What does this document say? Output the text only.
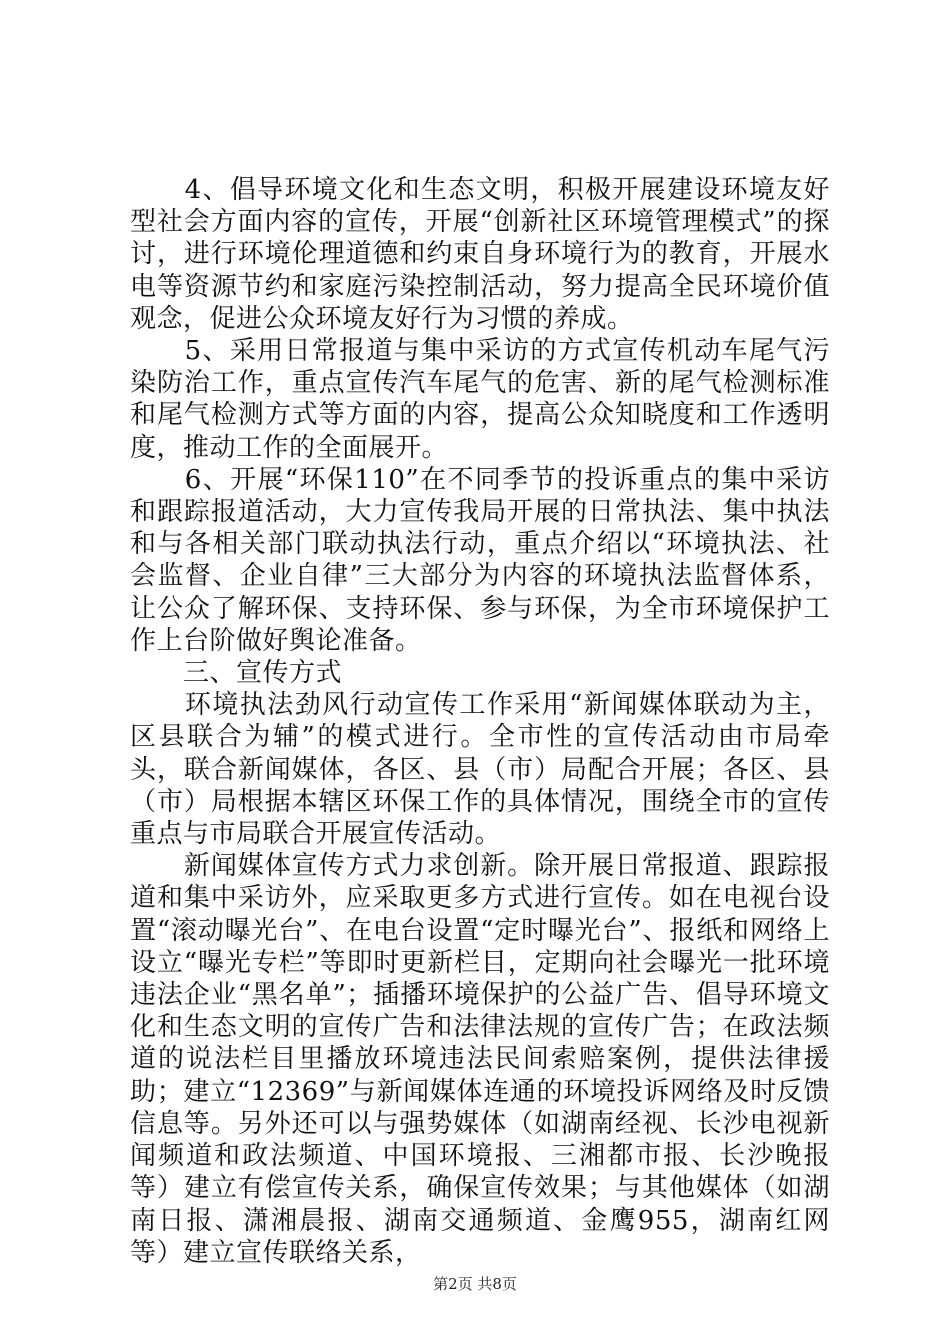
　　4、倡导环境文化和生态文明，积极开展建设环境友好型社会方面内容的宣传，开展“创新社区环境管理模式”的探讨，进行环境伦理道德和约束自身环境行为的教育，开展水电等资源节约和家庭污染控制活动，努力提高全民环境价值观念，促进公众环境友好行为习惯的养成。

　　5、采用日常报道与集中采访的方式宣传机动车尾气污染防治工作，重点宣传汽车尾气的危害、新的尾气检测标准和尾气检测方式等方面的内容，提高公众知晓度和工作透明度，推动工作的全面展开。

　　6、开展“环保110”在不同季节的投诉重点的集中采访和跟踪报道活动，大力宣传我局开展的日常执法、集中执法和与各相关部门联动执法行动，重点介绍以“环境执法、社会监督、企业自律”三大部分为内容的环境执法监督体系，让公众了解环保、支持环保、参与环保，为全市环境保护工作上台阶做好舆论准备。

　　三、宣传方式

　　环境执法劲风行动宣传工作采用“新闻媒体联动为主，区县联合为辅”的模式进行。全市性的宣传活动由市局牵头，联合新闻媒体，各区、县（市）局配合开展；各区、县（市）局根据本辖区环保工作的具体情况，围绕全市的宣传重点与市局联合开展宣传活动。

　　新闻媒体宣传方式力求创新。除开展日常报道、跟踪报道和集中采访外，应采取更多方式进行宣传。如在电视台设置“滚动曝光台”、在电台设置“定时曝光台”、报纸和网络上设立“曝光专栏”等即时更新栏目，定期向社会曝光一批环境违法企业“黑名单”；插播环境保护的公益广告、倡导环境文化和生态文明的宣传广告和法律法规的宣传广告；在政法频道的说法栏目里播放环境违法民间索赔案例，提供法律援助；建立“12369”与新闻媒体连通的环境投诉网络及时反馈信息等。另外还可以与强势媒体（如湖南经视、长沙电视新闻频道和政法频道、中国环境报、三湘都市报、长沙晚报等）建立有偿宣传关系，确保宣传效果；与其他媒体（如湖南日报、潇湘晨报、湖南交通频道、金鹰955，湖南红网等）建立宣传联络关系，

第2页 共8页
